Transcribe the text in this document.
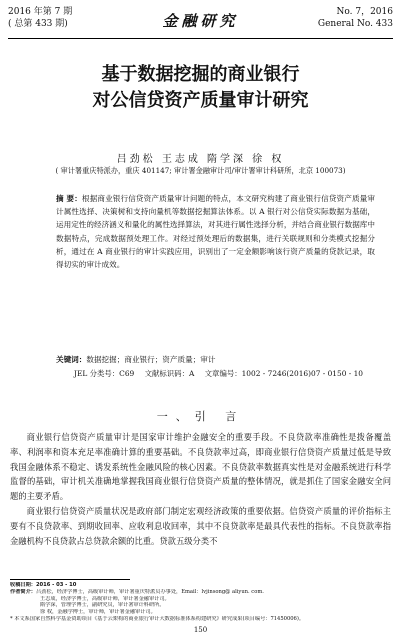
2016 年第 7 期
( 总第 433 期)	金融研究	No. 7，2016
General No. 433
基于数据挖掘的商业银行
对公信贷资产质量审计研究
吕劲松 王志成 隋学深 徐 权
( 审计署重庆特派办，重庆 401147; 审计署金融审计司/审计署审计科研所，北京 100073)
摘 要：根据商业银行信贷资产质量审计问题的特点，本文研究构建了商业银行信贷资产质量审计属性选择、决策树和支持向量机等数据挖掘算法体系。以 A 银行对公信贷实际数据为基础，运用定性的经济涵义和量化的属性选择算法，对其进行属性选择分析，并结合商业银行数据库中数据特点，完成数据预处理工作。对经过预处理后的数据集，进行关联规则和分类模式挖掘分析，通过在 A 商业银行的审计实践应用，识别出了一定金额影响该行资产质量的贷款记录，取得切实的审计成效。
关键词：数据挖掘；商业银行；资产质量；审计
JEL 分类号：C69 文献标识码：A 文章编号：1002 - 7246(2016)07 - 0150 - 10
一、引 言

商业银行信贷资产质量审计是国家审计维护金融安全的重要手段。不良贷款率准确性是拨备覆盖率、利润率和资本充足率准确计算的重要基础。不良贷款率过高，即商业银行信贷资产质量过低是导致我国金融体系不稳定、诱发系统性金融风险的核心因素。不良贷款率数据真实性是对金融系统进行科学监督的基础，审计机关准确地掌握我国商业银行信贷资产质量的整体情况，就是抓住了国家金融安全问题的主要矛盾。

商业银行信贷资产质量状况是政府部门制定宏观经济政策的重要依据。信贷资产质量的评价指标主要有不良贷款率、到期收回率、应收利息收回率，其中不良贷款率是最具代表性的指标。不良贷款率指金融机构不良贷款占总贷款余额的比重。贷款五级分类不

150
收稿日期：2016 - 03 - 10
作者简介：吕劲松，经济学博士，高级审计师，审计署重庆特派员办事处，Email：lvjinsong@ aliyun. com.
王志成，经济学博士，高级审计师，审计署金融审计司。
隋学深，管理学博士，副研究员，审计署审计科研所。
徐 权，金融学博士，审计师，审计署金融审计司。
* 本文系国家自然科学基金资助项目《基于云架构的商业银行审计大数据标准体系构建研究》研究成果(项目编号：71450006)。
